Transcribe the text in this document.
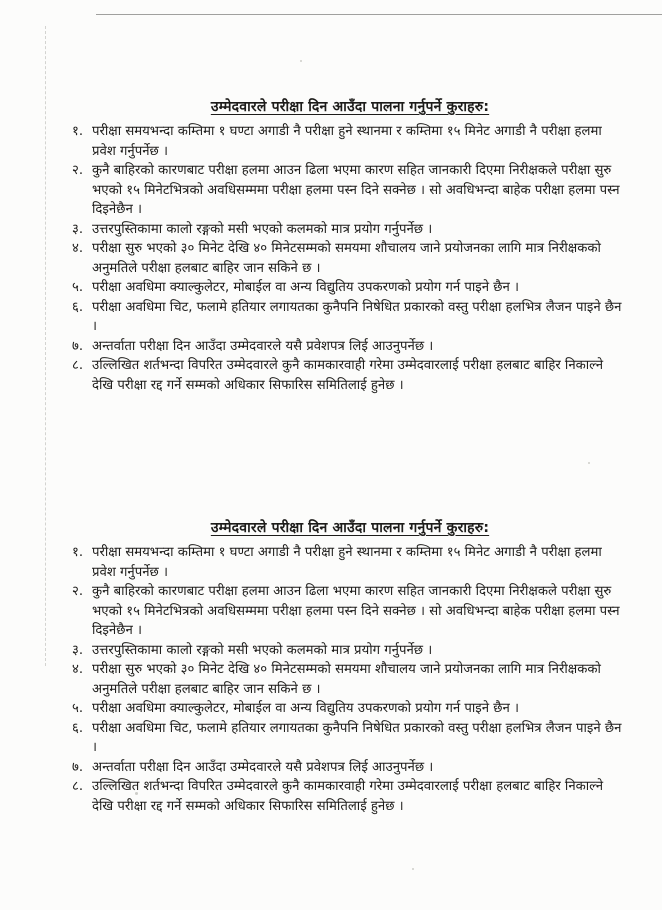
उम्मेदवारले परीक्षा दिन आउँदा पालना गर्नुपर्ने कुराहरु:
१. परीक्षा समयभन्दा कम्तिमा १ घण्टा अगाडी नै परीक्षा हुने स्थानमा र कम्तिमा १५ मिनेट अगाडी नै परीक्षा हलमा प्रवेश गर्नुपर्नेछ ।
२. कुनै बाहिरको कारणबाट परीक्षा हलमा आउन ढिला भएमा कारण सहित जानकारी दिएमा निरीक्षकले परीक्षा सुरु भएको १५ मिनेटभित्रको अवधिसम्ममा परीक्षा हलमा पस्न दिने सक्नेछ । सो अवधिभन्दा बाहेक परीक्षा हलमा पस्न दिइनेछैन ।
३. उत्तरपुस्तिकामा कालो रङ्गको मसी भएको कलमको मात्र प्रयोग गर्नुपर्नेछ ।
४. परीक्षा सुरु भएको ३० मिनेट देखि ४० मिनेटसम्मको समयमा शौचालय जाने प्रयोजनका लागि मात्र निरीक्षकको अनुमतिले परीक्षा हलबाट बाहिर जान सकिने छ ।
५. परीक्षा अवधिमा क्याल्कुलेटर, मोबाईल वा अन्य विद्युतिय उपकरणको प्रयोग गर्न पाइने छैन ।
६. परीक्षा अवधिमा चिट, फलामे हतियार लगायतका कुनैपनि निषेधित प्रकारको वस्तु परीक्षा हलभित्र लैजन पाइने छैन ।
७. अन्तर्वाता परीक्षा दिन आउँदा उम्मेदवारले यसै प्रवेशपत्र लिई आउनुपर्नेछ ।
८. उल्लिखित शर्तभन्दा विपरित उम्मेदवारले कुनै कामकारवाही गरेमा उम्मेदवारलाई परीक्षा हलबाट बाहिर निकाल्ने देखि परीक्षा रद्द गर्ने सम्मको अधिकार सिफारिस समितिलाई हुनेछ ।
उम्मेदवारले परीक्षा दिन आउँदा पालना गर्नुपर्ने कुराहरु:
१. परीक्षा समयभन्दा कम्तिमा १ घण्टा अगाडी नै परीक्षा हुने स्थानमा र कम्तिमा १५ मिनेट अगाडी नै परीक्षा हलमा प्रवेश गर्नुपर्नेछ ।
२. कुनै बाहिरको कारणबाट परीक्षा हलमा आउन ढिला भएमा कारण सहित जानकारी दिएमा निरीक्षकले परीक्षा सुरु भएको १५ मिनेटभित्रको अवधिसम्ममा परीक्षा हलमा पस्न दिने सक्नेछ । सो अवधिभन्दा बाहेक परीक्षा हलमा पस्न दिइनेछैन ।
३. उत्तरपुस्तिकामा कालो रङ्गको मसी भएको कलमको मात्र प्रयोग गर्नुपर्नेछ ।
४. परीक्षा सुरु भएको ३० मिनेट देखि ४० मिनेटसम्मको समयमा शौचालय जाने प्रयोजनका लागि मात्र निरीक्षकको अनुमतिले परीक्षा हलबाट बाहिर जान सकिने छ ।
५. परीक्षा अवधिमा क्याल्कुलेटर, मोबाईल वा अन्य विद्युतिय उपकरणको प्रयोग गर्न पाइने छैन ।
६. परीक्षा अवधिमा चिट, फलामे हतियार लगायतका कुनैपनि निषेधित प्रकारको वस्तु परीक्षा हलभित्र लैजन पाइने छैन ।
७. अन्तर्वाता परीक्षा दिन आउँदा उम्मेदवारले यसै प्रवेशपत्र लिई आउनुपर्नेछ ।
८. उल्लिखित शर्तभन्दा विपरित उम्मेदवारले कुनै कामकारवाही गरेमा उम्मेदवारलाई परीक्षा हलबाट बाहिर निकाल्ने देखि परीक्षा रद्द गर्ने सम्मको अधिकार सिफारिस समितिलाई हुनेछ ।
